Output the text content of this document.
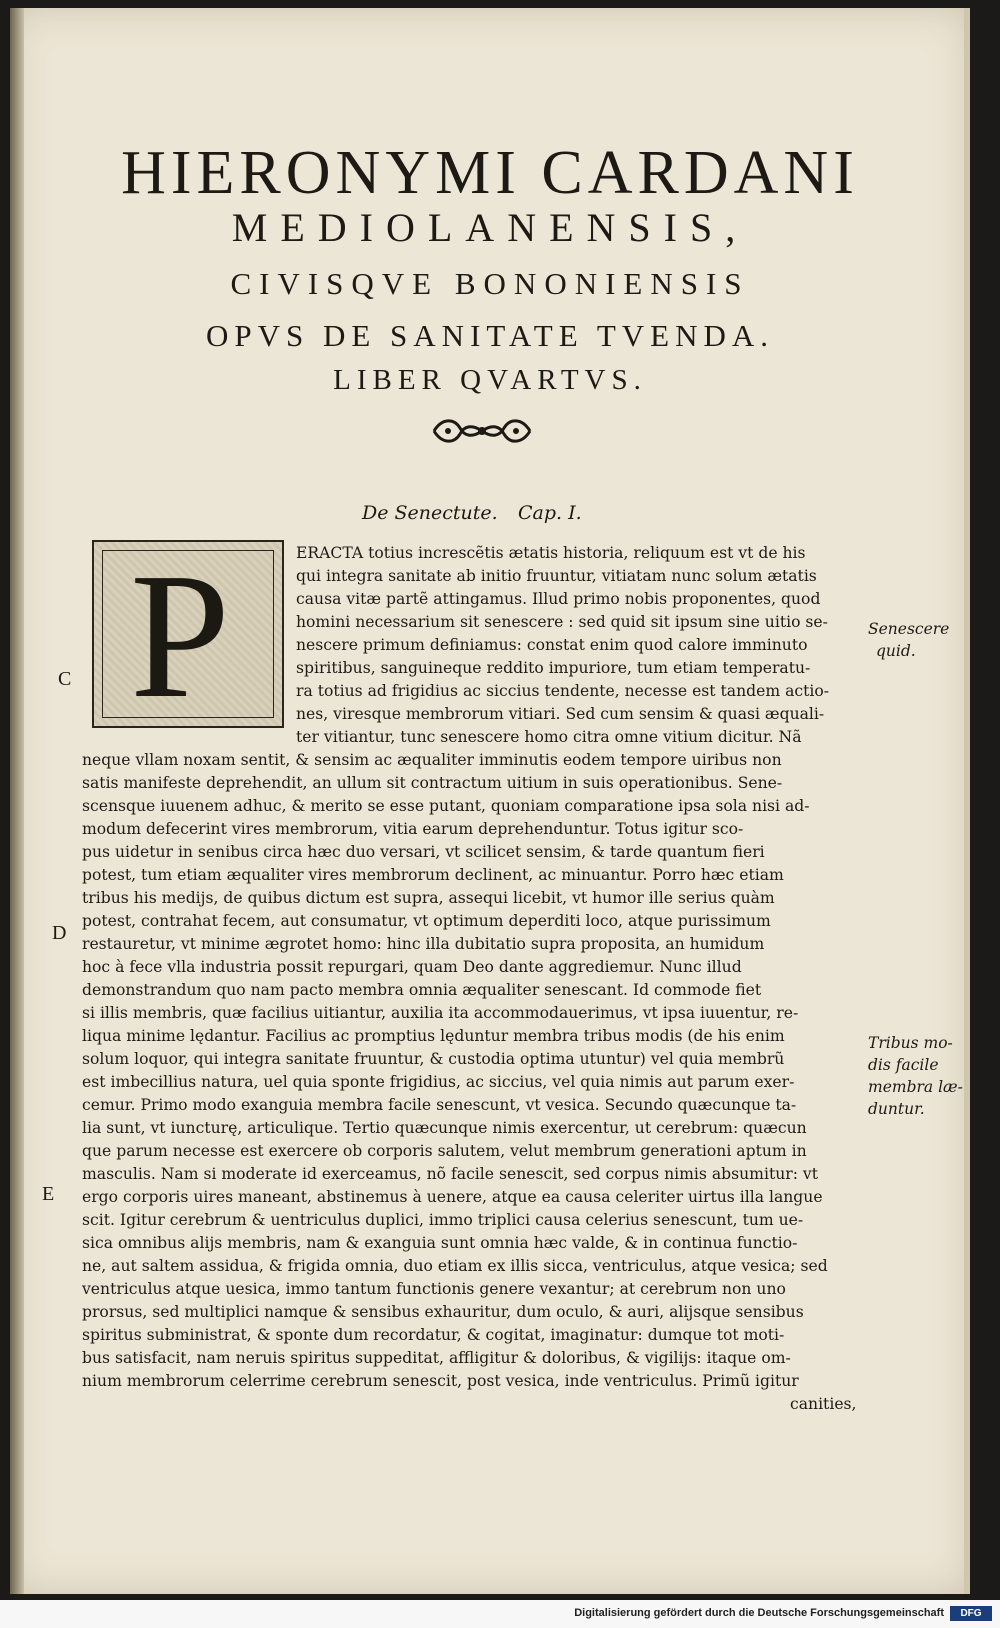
HIERONYMI CARDANI
MEDIOLANENSIS,
CIVISQVE BONONIENSIS
OPVS DE SANITATE TVENDA.
LIBER QVARTVS.
De Senectute. Cap. I.
P
C
D
E
Senescere
quid.
Tribus mo-
dis facile
membra læ-
duntur.
ERACTA totius increscẽtis ætatis historia, reliquum est vt de his
qui integra sanitate ab initio fruuntur, vitiatam nunc solum ætatis
causa vitæ partẽ attingamus. Illud primo nobis proponentes, quod
homini necessarium sit senescere : sed quid sit ipsum sine uitio se-
nescere primum definiamus: constat enim quod calore imminuto
spiritibus, sanguineque reddito impuriore, tum etiam temperatu-
ra totius ad frigidius ac siccius tendente, necesse est tandem actio-
nes, viresque membrorum vitiari. Sed cum sensim & quasi æquali-
ter vitiantur, tunc senescere homo citra omne vitium dicitur. Nã
neque vllam noxam sentit, & sensim ac æqualiter imminutis eodem tempore uiribus non
satis manifeste deprehendit, an ullum sit contractum uitium in suis operationibus. Sene-
scensque iuuenem adhuc, & merito se esse putant, quoniam comparatione ipsa sola nisi ad-
modum defecerint vires membrorum, vitia earum deprehenduntur. Totus igitur sco-
pus uidetur in senibus circa hæc duo versari, vt scilicet sensim, & tarde quantum fieri
potest, tum etiam æqualiter vires membrorum declinent, ac minuantur. Porro hæc etiam
tribus his medijs, de quibus dictum est supra, assequi licebit, vt humor ille serius quàm
potest, contrahat fecem, aut consumatur, vt optimum deperditi loco, atque purissimum
restauretur, vt minime ægrotet homo: hinc illa dubitatio supra proposita, an humidum
hoc à fece vlla industria possit repurgari, quam Deo dante aggrediemur. Nunc illud
demonstrandum quo nam pacto membra omnia æqualiter senescant. Id commode fiet
si illis membris, quæ facilius uitiantur, auxilia ita accommodauerimus, vt ipsa iuuentur, re-
liqua minime lędantur. Facilius ac promptius lęduntur membra tribus modis (de his enim
solum loquor, qui integra sanitate fruuntur, & custodia optima utuntur) vel quia membrũ
est imbecillius natura, uel quia sponte frigidius, ac siccius, vel quia nimis aut parum exer-
cemur. Primo modo exanguia membra facile senescunt, vt vesica. Secundo quæcunque ta-
lia sunt, vt iuncturę, articulique. Tertio quæcunque nimis exercentur, ut cerebrum: quæcun
que parum necesse est exercere ob corporis salutem, velut membrum generationi aptum in
masculis. Nam si moderate id exerceamus, nõ facile senescit, sed corpus nimis absumitur: vt
ergo corporis uires maneant, abstinemus à uenere, atque ea causa celeriter uirtus illa langue
scit. Igitur cerebrum & uentriculus duplici, immo triplici causa celerius senescunt, tum ue-
sica omnibus alijs membris, nam & exanguia sunt omnia hæc valde, & in continua functio-
ne, aut saltem assidua, & frigida omnia, duo etiam ex illis sicca, ventriculus, atque vesica; sed
ventriculus atque uesica, immo tantum functionis genere vexantur; at cerebrum non uno
prorsus, sed multiplici namque & sensibus exhauritur, dum oculo, & auri, alijsque sensibus
spiritus subministrat, & sponte dum recordatur, & cogitat, imaginatur: dumque tot moti-
bus satisfacit, nam neruis spiritus suppeditat, affligitur & doloribus, & vigilijs: itaque om-
nium membrorum celerrime cerebrum senescit, post vesica, inde ventriculus. Primũ igitur
canities,
Digitalisierung gefördert durch die Deutsche Forschungsgemeinschaft	DFG
